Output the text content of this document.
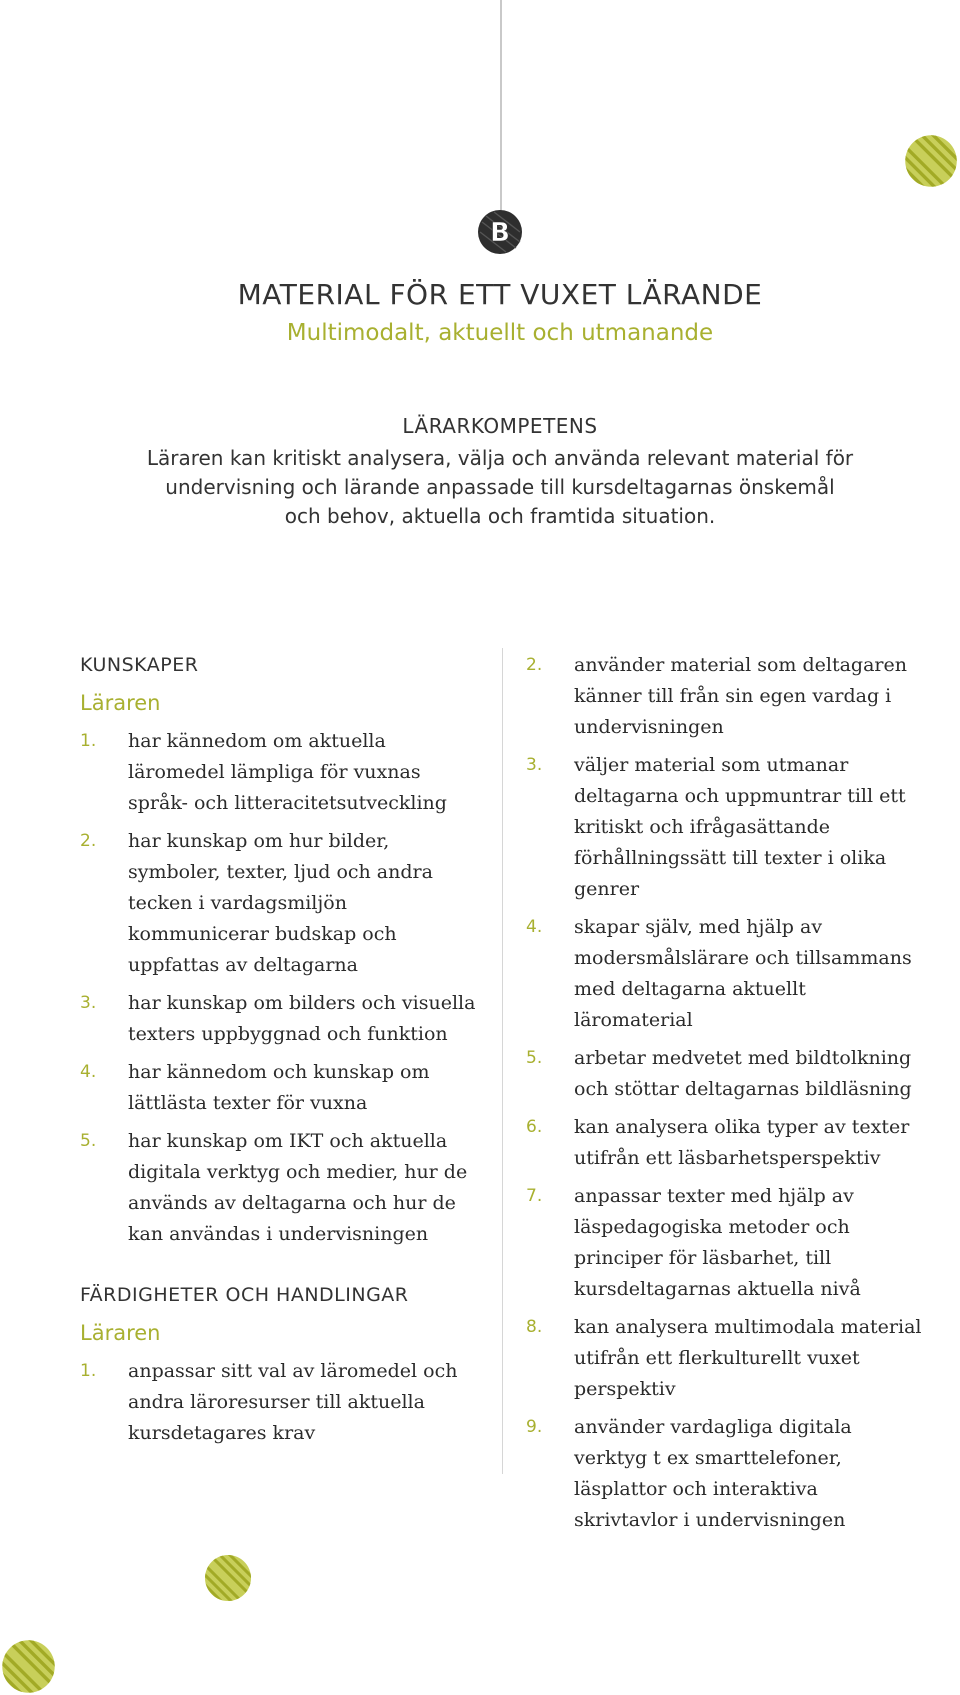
B
MATERIAL FÖR ETT VUXET LÄRANDE
Multimodalt, aktuellt och utmanande
LÄRARKOMPETENS
Läraren kan kritiskt analysera, välja och använda relevant material för undervisning och lärande anpassade till kursdeltagarnas önskemål och behov, aktuella och framtida situation.
KUNSKAPER
Läraren
1. har kännedom om aktuella läromedel lämpliga för vuxnas språk- och litteracitetsutveckling
2. har kunskap om hur bilder, symboler, texter, ljud och andra tecken i vardagsmiljön kommunicerar budskap och uppfattas av deltagarna
3. har kunskap om bilders och visuella texters uppbyggnad och funktion
4. har kännedom och kunskap om lättlästa texter för vuxna
5. har kunskap om IKT och aktuella digitala verktyg och medier, hur de används av deltagarna och hur de kan användas i undervisningen
FÄRDIGHETER OCH HANDLINGAR
Läraren
1. anpassar sitt val av läromedel och andra läroresurser till aktuella kursdetagares krav
2. använder material som deltagaren känner till från sin egen vardag i undervisningen
3. väljer material som utmanar deltagarna och uppmuntrar till ett kritiskt och ifrågasättande förhållningssätt till texter i olika genrer
4. skapar själv, med hjälp av modersmålslärare och tillsammans med deltagarna aktuellt läromaterial
5. arbetar medvetet med bildtolkning och stöttar deltagarnas bildläsning
6. kan analysera olika typer av texter utifrån ett läsbarhetsperspektiv
7. anpassar texter med hjälp av läspedagogiska metoder och principer för läsbarhet, till kursdeltagarnas aktuella nivå
8. kan analysera multimodala material utifrån ett flerkulturellt vuxet perspektiv
9. använder vardagliga digitala verktyg t ex smarttelefoner, läsplattor och interaktiva skrivtavlor i undervisningen
